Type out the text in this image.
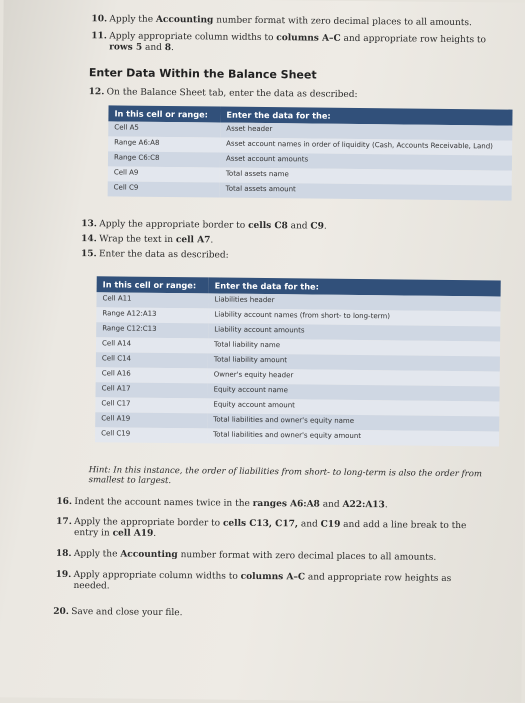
10. Apply the Accounting number format with zero decimal places to all amounts.
11. Apply appropriate column widths to columns A–C and appropriate row heights to
rows 5 and 8.
Enter Data Within the Balance Sheet
12. On the Balance Sheet tab, enter the data as described:
In this cell or range:	Enter the data for the:
Cell A5	Asset header
Range A6:A8	Asset account names in order of liquidity (Cash, Accounts Receivable, Land)
Range C6:C8	Asset account amounts
Cell A9	Total assets name
Cell C9	Total assets amount
13. Apply the appropriate border to cells C8 and C9.
14. Wrap the text in cell A7.
15. Enter the data as described:
In this cell or range:	Enter the data for the:
Cell A11	Liabilities header
Range A12:A13	Liability account names (from short- to long-term)
Range C12:C13	Liability account amounts
Cell A14	Total liability name
Cell C14	Total liability amount
Cell A16	Owner's equity header
Cell A17	Equity account name
Cell C17	Equity account amount
Cell A19	Total liabilities and owner's equity name
Cell C19	Total liabilities and owner's equity amount
Hint: In this instance, the order of liabilities from short- to long-term is also the order from smallest to largest.
16. Indent the account names twice in the ranges A6:A8 and A22:A13.
17. Apply the appropriate border to cells C13, C17, and C19 and add a line break to the
entry in cell A19.
18. Apply the Accounting number format with zero decimal places to all amounts.
19. Apply appropriate column widths to columns A–C and appropriate row heights as
needed.
20. Save and close your file.
